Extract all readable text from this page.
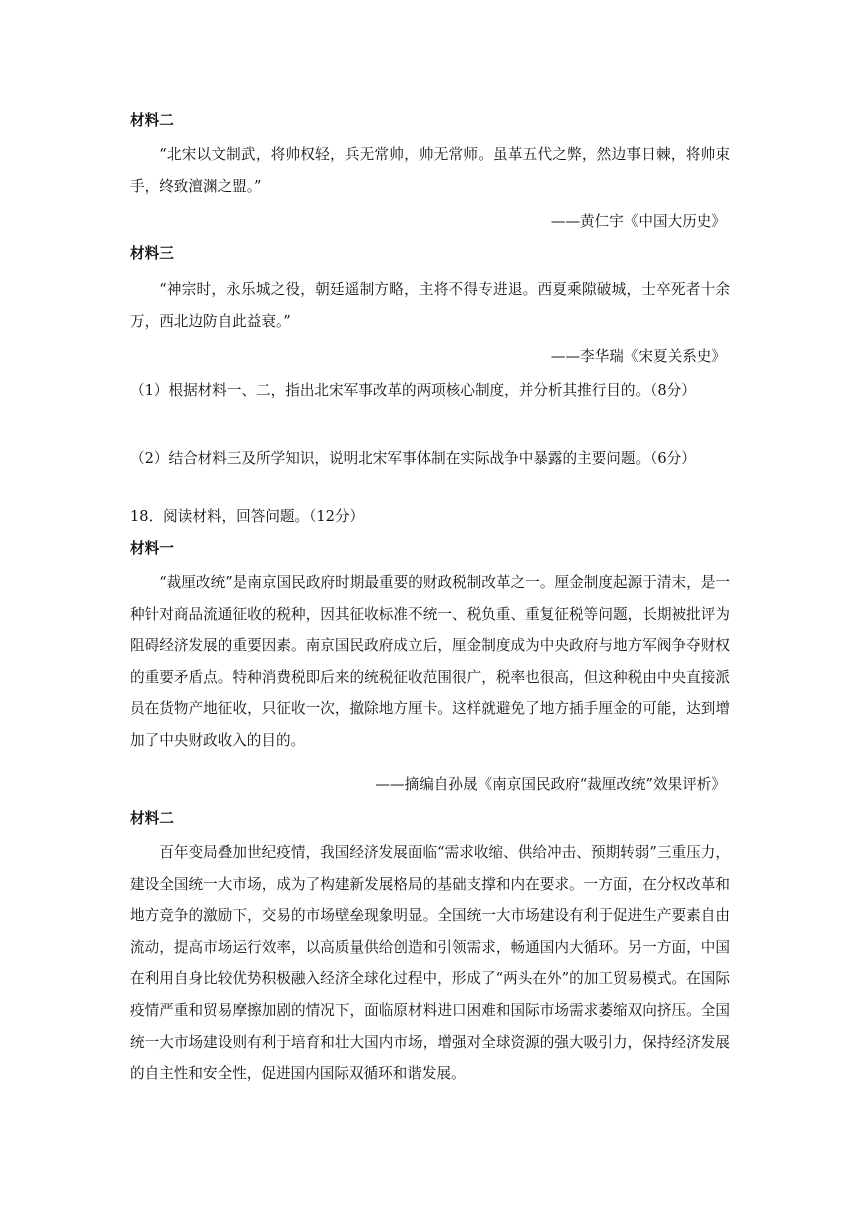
材料二
“北宋以文制武，将帅权轻，兵无常帅，帅无常师。虽革五代之弊，然边事日棘，将帅束手，终致澶渊之盟。”
——黄仁宇《中国大历史》
材料三
“神宗时，永乐城之役，朝廷遥制方略，主将不得专进退。西夏乘隙破城，士卒死者十余万，西北边防自此益衰。”
——李华瑞《宋夏关系史》
（1）根据材料一、二，指出北宋军事改革的两项核心制度，并分析其推行目的。（8分）
（2）结合材料三及所学知识，说明北宋军事体制在实际战争中暴露的主要问题。（6分）
18．阅读材料，回答问题。（12分）
材料一
“裁厘改统”是南京国民政府时期最重要的财政税制改革之一。厘金制度起源于清末，是一种针对商品流通征收的税种，因其征收标准不统一、税负重、重复征税等问题，长期被批评为阻碍经济发展的重要因素。南京国民政府成立后，厘金制度成为中央政府与地方军阀争夺财权的重要矛盾点。特种消费税即后来的统税征收范围很广，税率也很高，但这种税由中央直接派员在货物产地征收，只征收一次，撤除地方厘卡。这样就避免了地方插手厘金的可能，达到增加了中央财政收入的目的。
——摘编自孙晟《南京国民政府“裁厘改统”效果评析》
材料二
百年变局叠加世纪疫情，我国经济发展面临“需求收缩、供给冲击、预期转弱”三重压力，建设全国统一大市场，成为了构建新发展格局的基础支撑和内在要求。一方面，在分权改革和地方竞争的激励下，交易的市场壁垒现象明显。全国统一大市场建设有利于促进生产要素自由流动，提高市场运行效率，以高质量供给创造和引领需求，畅通国内大循环。另一方面，中国在利用自身比较优势积极融入经济全球化过程中，形成了“两头在外”的加工贸易模式。在国际疫情严重和贸易摩擦加剧的情况下，面临原材料进口困难和国际市场需求萎缩双向挤压。全国统一大市场建设则有利于培育和壮大国内市场，增强对全球资源的强大吸引力，保持经济发展的自主性和安全性，促进国内国际双循环和谐发展。
